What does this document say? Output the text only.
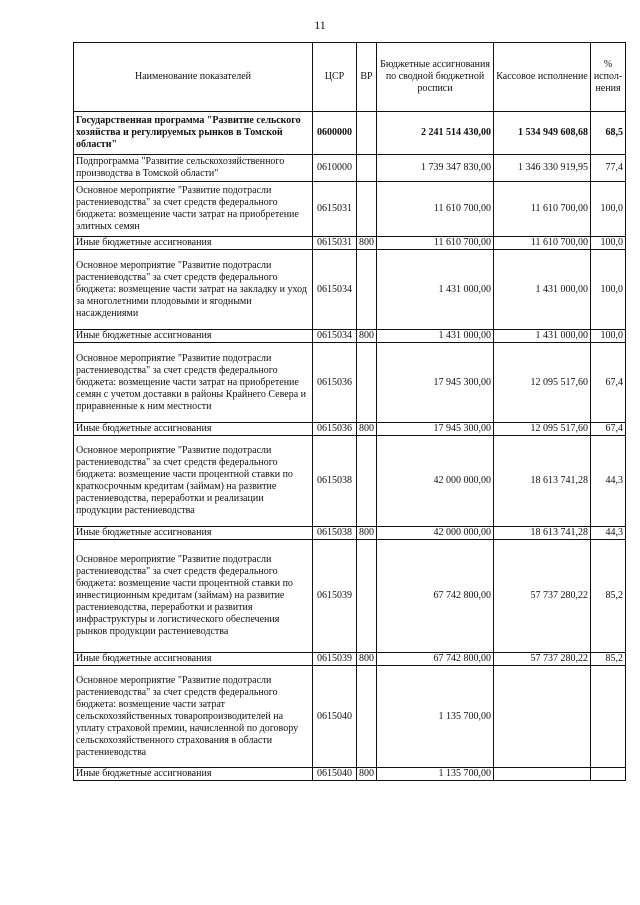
11
Наименование показателей	ЦСР	ВР	Бюджетные ассигнования по сводной бюджетной росписи	Кассовое исполнение	% испол-нения
Государственная программа "Развитие сельского хозяйства и регулируемых рынков в Томской области"	0600000		2 241 514 430,00	1 534 949 608,68	68,5
Подпрограмма "Развитие сельскохозяйственного производства в Томской области"	0610000		1 739 347 830,00	1 346 330 919,95	77,4
Основное мероприятие "Развитие подотрасли растениеводства" за счет средств федерального бюджета: возмещение части затрат на приобретение элитных семян	0615031		11 610 700,00	11 610 700,00	100,0
Иные бюджетные ассигнования	0615031	800	11 610 700,00	11 610 700,00	100,0
Основное мероприятие "Развитие подотрасли растениеводства" за счет средств федерального бюджета: возмещение части затрат на закладку и уход за многолетними плодовыми и ягодными насаждениями	0615034		1 431 000,00	1 431 000,00	100,0
Иные бюджетные ассигнования	0615034	800	1 431 000,00	1 431 000,00	100,0
Основное мероприятие "Развитие подотрасли растениеводства" за счет средств федерального бюджета: возмещение части затрат на приобретение семян с учетом доставки в районы Крайнего Севера и приравненные к ним местности	0615036		17 945 300,00	12 095 517,60	67,4
Иные бюджетные ассигнования	0615036	800	17 945 300,00	12 095 517,60	67,4
Основное мероприятие "Развитие подотрасли растениеводства" за счет средств федерального бюджета: возмещение части процентной ставки по краткосрочным кредитам (займам) на развитие растениеводства, переработки и реализации продукции растениеводства	0615038		42 000 000,00	18 613 741,28	44,3
Иные бюджетные ассигнования	0615038	800	42 000 000,00	18 613 741,28	44,3
Основное мероприятие "Развитие подотрасли растениеводства" за счет средств федерального бюджета: возмещение части процентной ставки по инвестиционным кредитам (займам) на развитие растениеводства, переработки и развития инфраструктуры и логистического обеспечения рынков продукции растениеводства	0615039		67 742 800,00	57 737 280,22	85,2
Иные бюджетные ассигнования	0615039	800	67 742 800,00	57 737 280,22	85,2
Основное мероприятие "Развитие подотрасли растениеводства" за счет средств федерального бюджета: возмещение части затрат сельскохозяйственных товаропроизводителей на уплату страховой премии, начисленной по договору сельскохозяйственного страхования в области растениеводства	0615040		1 135 700,00		
Иные бюджетные ассигнования	0615040	800	1 135 700,00		
